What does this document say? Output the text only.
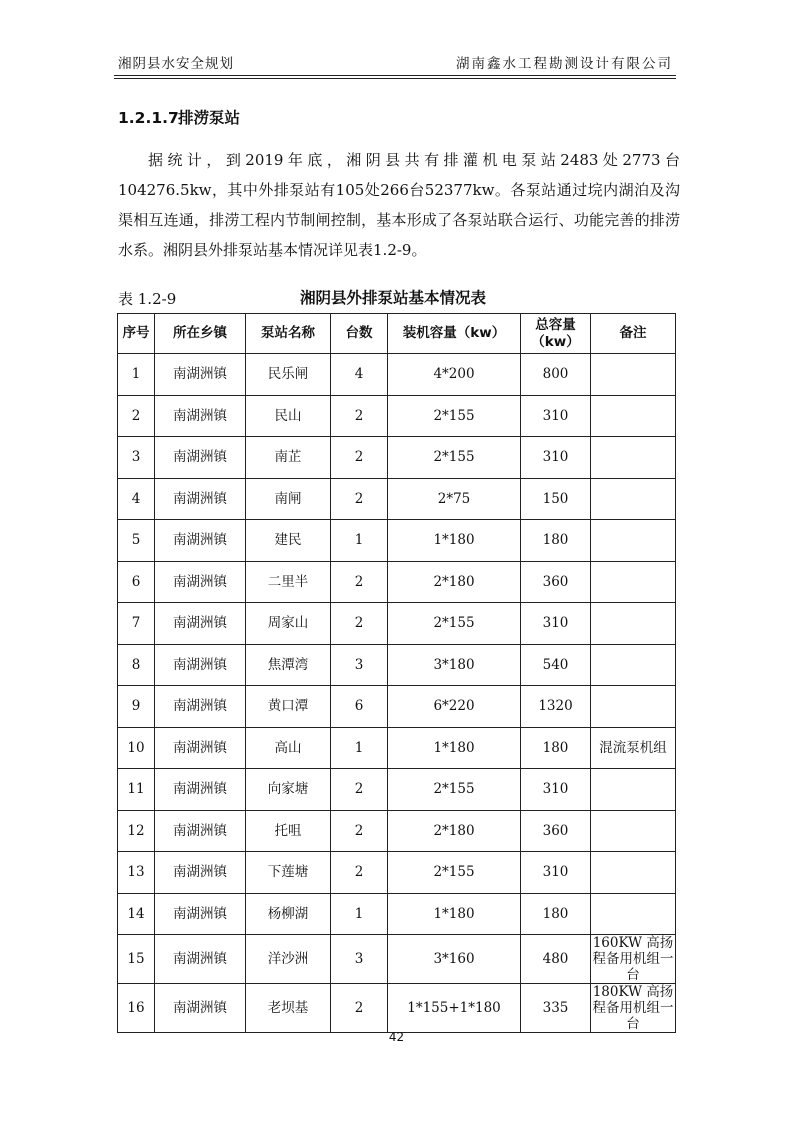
湘阴县水安全规划	湖南鑫水工程勘测设计有限公司
1.2.1.7排涝泵站

据统计，到2019年底，湘阴县共有排灌机电泵站2483处2773台104276.5kw，其中外排泵站有105处266台52377kw。各泵站通过垸内湖泊及沟渠相互连通，排涝工程内节制闸控制，基本形成了各泵站联合运行、功能完善的排涝水系。湘阴县外排泵站基本情况详见表1.2-9。

表 1.2-9	湘阴县外排泵站基本情况表
序号	所在乡镇	泵站名称	台数	装机容量（kw）	总容量（kw）	备注
1	南湖洲镇	民乐闸	4	4*200	800	
2	南湖洲镇	民山	2	2*155	310	
3	南湖洲镇	南芷	2	2*155	310	
4	南湖洲镇	南闸	2	2*75	150	
5	南湖洲镇	建民	1	1*180	180	
6	南湖洲镇	二里半	2	2*180	360	
7	南湖洲镇	周家山	2	2*155	310	
8	南湖洲镇	焦潭湾	3	3*180	540	
9	南湖洲镇	黄口潭	6	6*220	1320	
10	南湖洲镇	高山	1	1*180	180	混流泵机组
11	南湖洲镇	向家塘	2	2*155	310	
12	南湖洲镇	托咀	2	2*180	360	
13	南湖洲镇	下莲塘	2	2*155	310	
14	南湖洲镇	杨柳湖	1	1*180	180	
15	南湖洲镇	洋沙洲	3	3*160	480	160KW 高扬程备用机组一台
16	南湖洲镇	老坝基	2	1*155+1*180	335	180KW 高扬程备用机组一台
42
